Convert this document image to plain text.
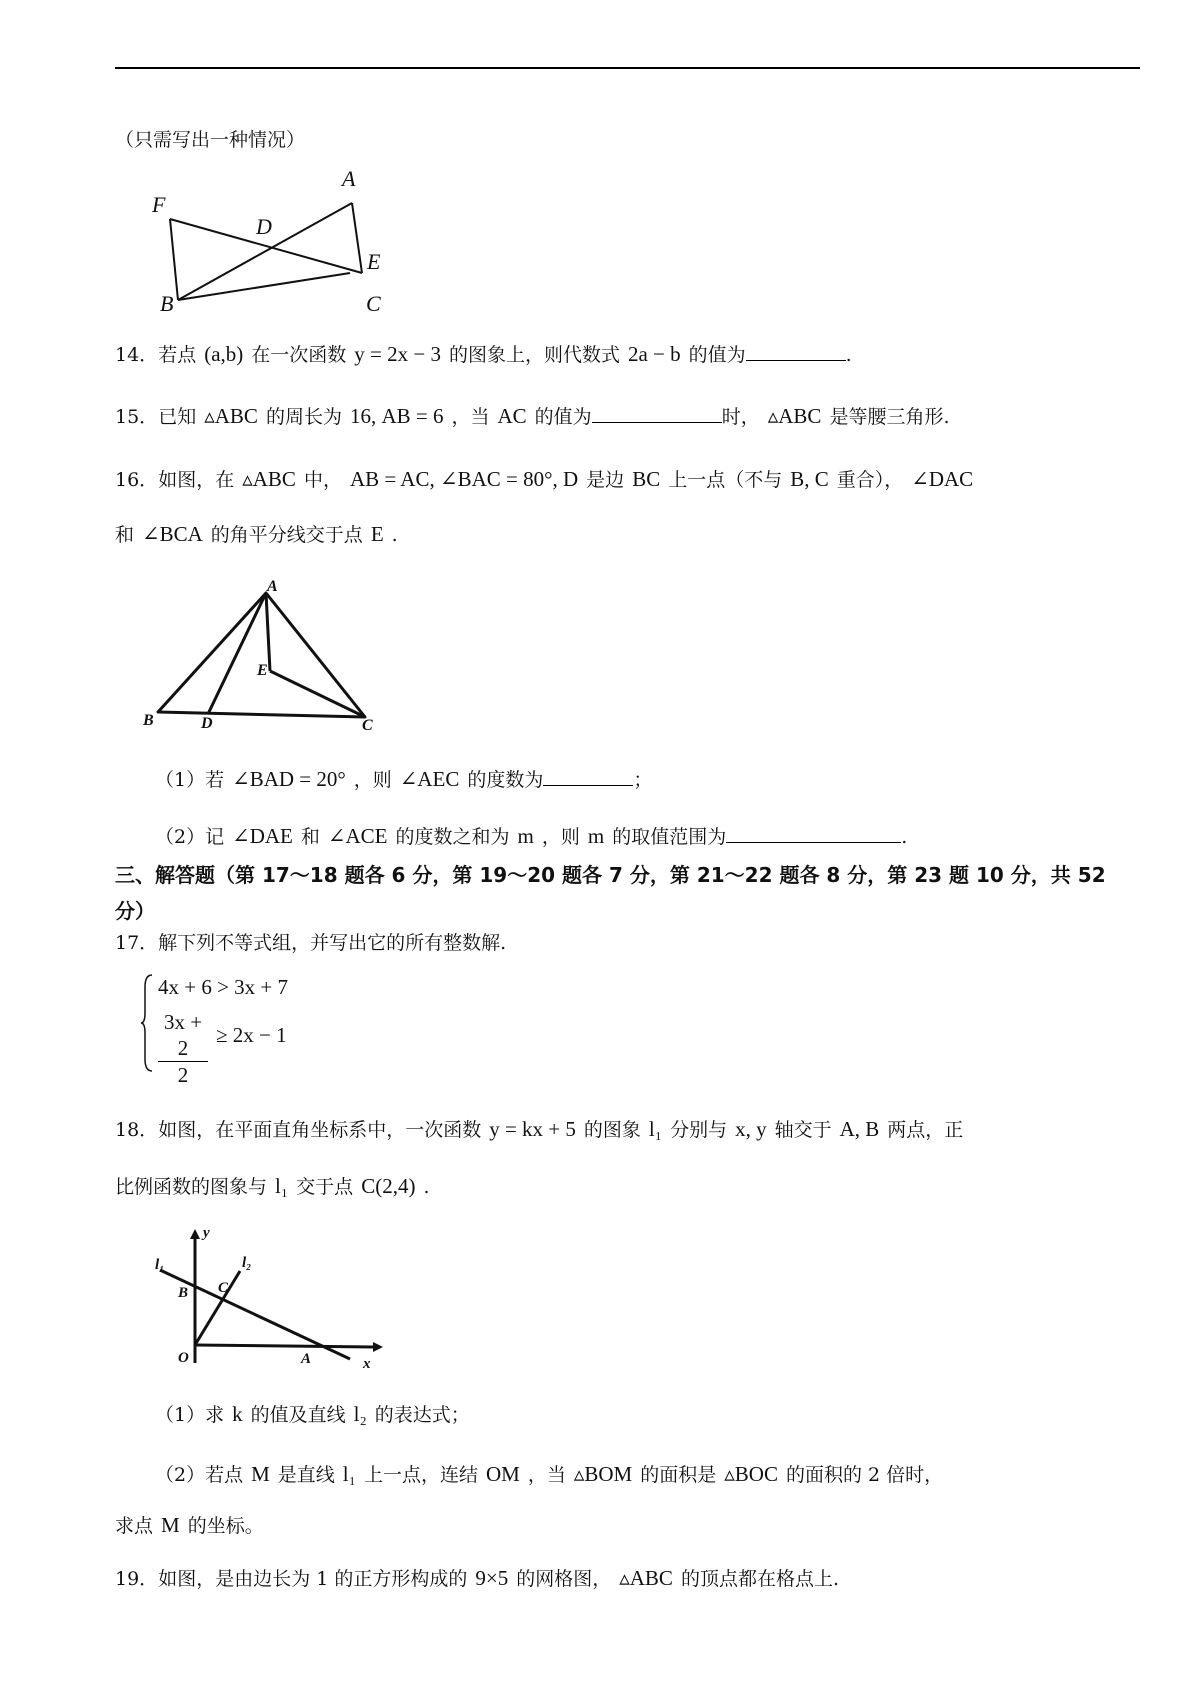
（只需写出一种情况）
A
F
D
E
B	C
14．若点 (a,b) 在一次函数 y = 2x − 3 的图象上，则代数式 2a − b 的值为	.
15．已知 ▵ABC 的周长为 16, AB = 6 ，当 AC 的值为	时， ▵ABC 是等腰三角形.
16．如图，在 ▵ABC 中， AB = AC, ∠BAC = 80°, D 是边 BC 上一点（不与 B, C 重合）， ∠DAC
和 ∠BCA 的角平分线交于点 E .
A
E
B	D	C
（1）若 ∠BAD = 20° ，则 ∠AEC 的度数为	；
（2）记 ∠DAE 和 ∠ACE 的度数之和为 m ，则 m 的取值范围为	.
三、解答题（第 17～18 题各 6 分，第 19～20 题各 7 分，第 21～22 题各 8 分，第 23 题 10 分，共 52 分）
17．解下列不等式组，并写出它的所有整数解.
4x + 6 > 3x + 7
$\frac{3x + 2}{2} \ge 2x - 1$
18．如图，在平面直角坐标系中，一次函数 y = kx + 5 的图象 l₁ 分别与 x, y 轴交于 A, B 两点，正
比例函数的图象与 l₁ 交于点 C(2,4) .
y
x
O	A
B C
l₁	l₂
（1）求 k 的值及直线 l₂ 的表达式；
（2）若点 M 是直线 l₁ 上一点，连结 OM ，当 ▵BOM 的面积是 ▵BOC 的面积的 2 倍时，
求点 M 的坐标。
19．如图，是由边长为 1 的正方形构成的 9×5 的网格图， ▵ABC 的顶点都在格点上.
